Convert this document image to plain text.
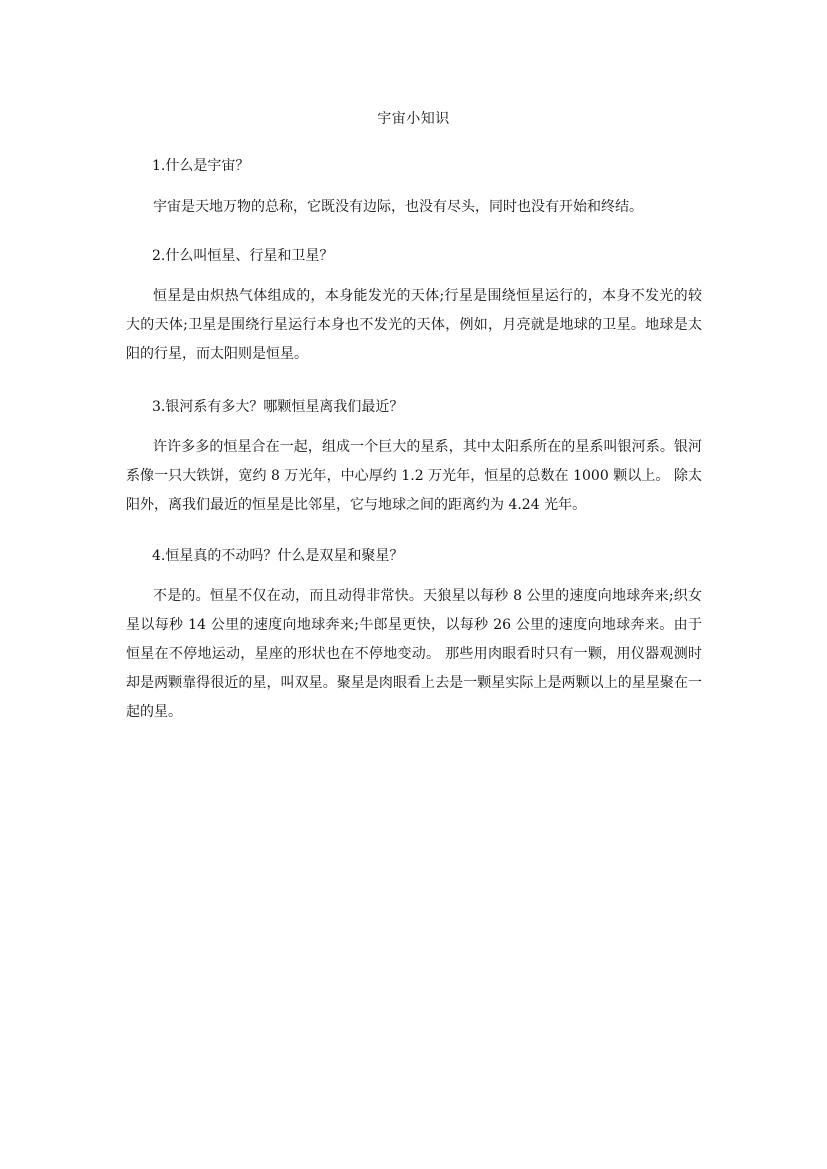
宇宙小知识
1.什么是宇宙？
宇宙是天地万物的总称，它既没有边际，也没有尽头，同时也没有开始和终结。
2.什么叫恒星、行星和卫星？
恒星是由炽热气体组成的，本身能发光的天体;行星是围绕恒星运行的，本身不发光的较大的天体;卫星是围绕行星运行本身也不发光的天体，例如，月亮就是地球的卫星。地球是太阳的行星，而太阳则是恒星。
3.银河系有多大？哪颗恒星离我们最近？
许许多多的恒星合在一起，组成一个巨大的星系，其中太阳系所在的星系叫银河系。银河系像一只大铁饼，宽约 8 万光年，中心厚约 1.2 万光年，恒星的总数在 1000 颗以上。 除太阳外，离我们最近的恒星是比邻星，它与地球之间的距离约为 4.24 光年。
4.恒星真的不动吗？什么是双星和聚星？
不是的。恒星不仅在动，而且动得非常快。天狼星以每秒 8 公里的速度向地球奔来;织女星以每秒 14 公里的速度向地球奔来;牛郎星更快，以每秒 26 公里的速度向地球奔来。由于恒星在不停地运动，星座的形状也在不停地变动。 那些用肉眼看时只有一颗，用仪器观测时却是两颗靠得很近的星，叫双星。聚星是肉眼看上去是一颗星实际上是两颗以上的星星聚在一起的星。
